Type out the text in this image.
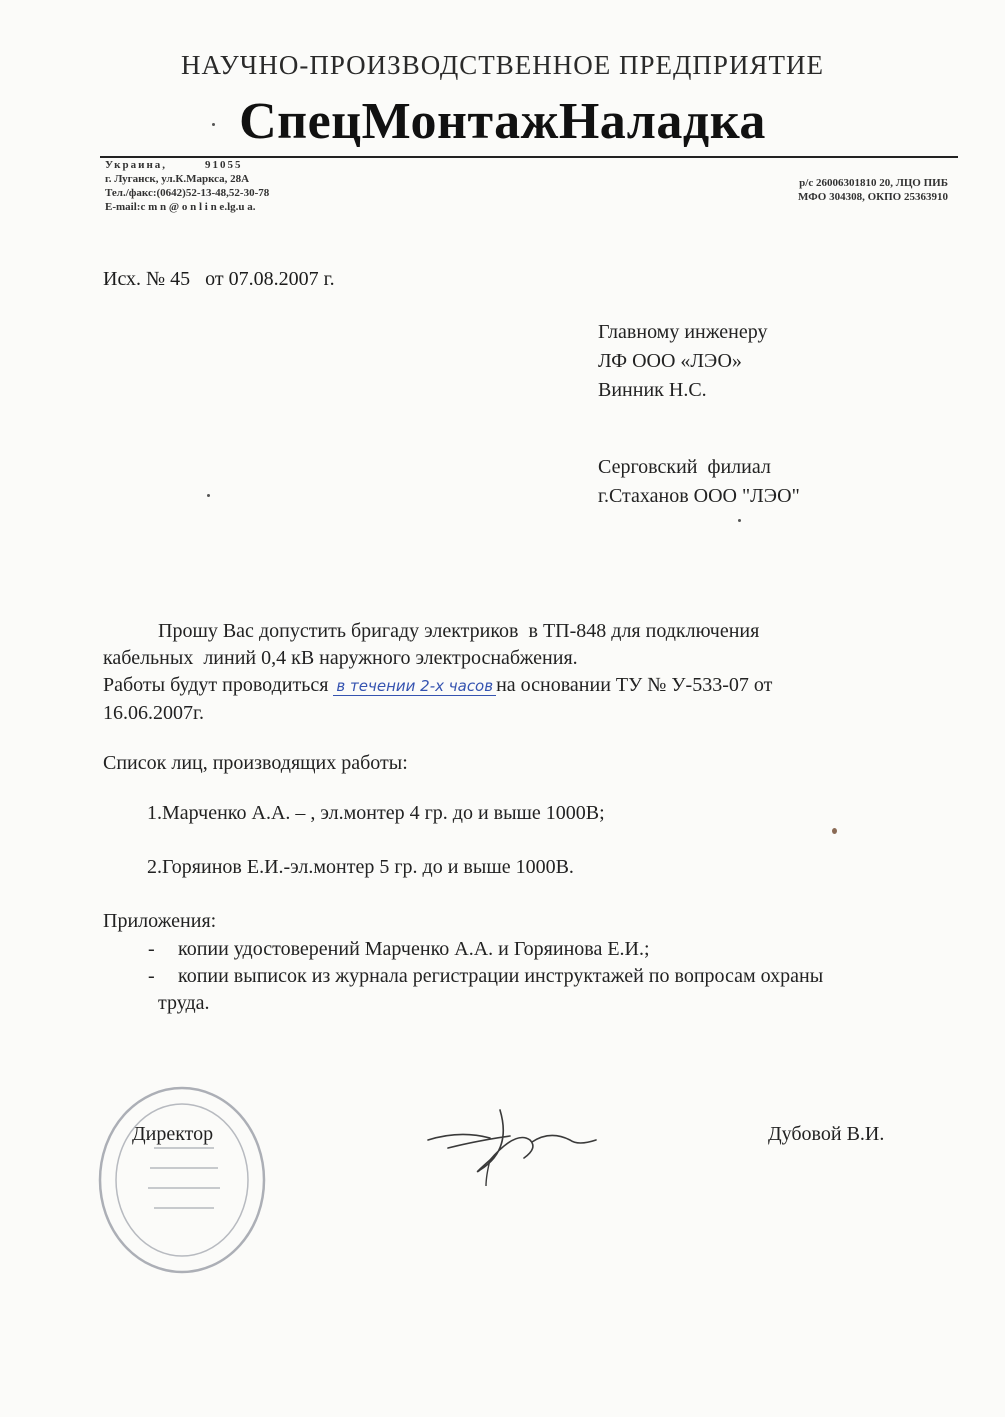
НАУЧНО-ПРОИЗВОДСТВЕННОЕ ПРЕДПРИЯТИЕ
СпецМонтажНаладка
Украина,        91055
г. Луганск, ул.К.Маркса, 28А
Тел./факс:(0642)52-13-48,52-30-78
E-mail:c m n @ o n l i n e.lg.u a.
р/с 26006301810 20, ЛЦО ПИБ
МФО 304308, ОКПО 25363910
Исх. № 45   от 07.08.2007 г.
Главному инженеру
ЛФ ООО «ЛЭО»
Винник Н.С.
Серговский  филиал
г.Стаханов ООО "ЛЭО"
Прошу Вас допустить бригаду электриков  в ТП-848 для подключения
кабельных  линий 0,4 кВ наружного электроснабжения.
Работы будут проводиться в течении 2-х часов на основании ТУ № У-533-07 от
16.06.2007г.
Список лиц, производящих работы:
1.Марченко А.А. – , эл.монтер 4 гр. до и выше 1000В;
2.Горяинов Е.И.-эл.монтер 5 гр. до и выше 1000В.
Приложения:
- копии удостоверений Марченко А.А. и Горяинова Е.И.;
- копии выписок из журнала регистрации инструктажей по вопросам охраны
труда.
Директор	Дубовой В.И.
